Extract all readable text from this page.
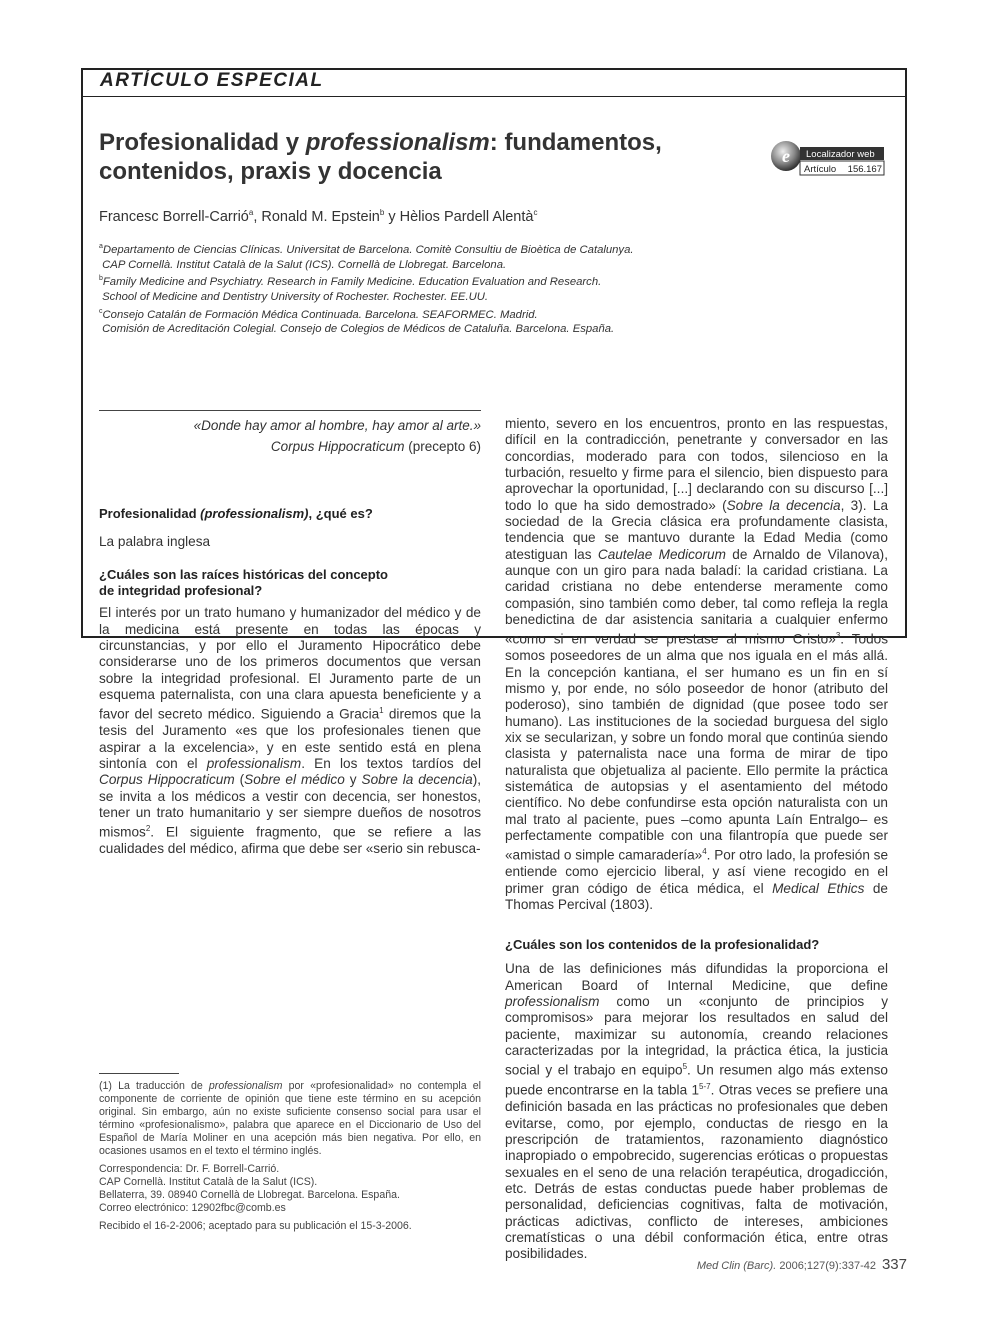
ARTÍCULO ESPECIAL
Profesionalidad y professionalism: fundamentos,
contenidos, praxis y docencia
e Localizador web
Artículo 156.167
Francesc Borrell-Carrió$^a$, Ronald M. Epstein$^b$ y Hèlios Pardell Alentà$^c$
$^a$Departamento de Ciencias Clínicas. Universitat de Barcelona. Comitè Consultiu de Bioètica de Catalunya.
CAP Cornellà. Institut Català de la Salut (ICS). Cornellà de Llobregat. Barcelona.
$^b$Family Medicine and Psychiatry. Research in Family Medicine. Education Evaluation and Research.
School of Medicine and Dentistry University of Rochester. Rochester. EE.UU.
$^c$Consejo Catalán de Formación Médica Continuada. Barcelona. SEAFORMEC. Madrid.
Comisión de Acreditación Colegial. Consejo de Colegios de Médicos de Cataluña. Barcelona. España.
«Donde hay amor al hombre, hay amor al arte.»
Corpus Hippocraticum (precepto 6)
Profesionalidad (professionalism), ¿qué es?

La palabra inglesa

¿Cuáles son las raíces históricas del concepto
de integridad profesional?

El interés por un trato humano y humanizador del médico y de la medicina está presente en todas las épocas y circunstancias, y por ello el Juramento Hipocrático debe considerarse uno de los primeros documentos que versan sobre la integridad profesional. El Juramento parte de un esquema paternalista, con una clara apuesta beneficiente y a favor del secreto médico. Siguiendo a Gracia$^1$ diremos que la tesis del Juramento «es que los profesionales tienen que aspirar a la excelencia», y en este sentido está en plena sintonía con el professionalism. En los textos tardíos del Corpus Hippocraticum (Sobre el médico y Sobre la decencia), se invita a los médicos a vestir con decencia, ser honestos, tener un trato humanitario y ser siempre dueños de nosotros mismos$^2$. El siguiente fragmento, que se refiere a las cualidades del médico, afirma que debe ser «serio sin rebusca-

(1) La traducción de professionalism por «profesionalidad» no contempla el componente de corriente de opinión que tiene este término en su acepción original. Sin embargo, aún no existe suficiente consenso social para usar el término «profesionalismo», palabra que aparece en el Diccionario de Uso del Español de María Moliner en una acepción más bien negativa. Por ello, en ocasiones usamos en el texto el término inglés.
Correspondencia: Dr. F. Borrell-Carrió.
CAP Cornellà. Institut Català de la Salut (ICS).
Bellaterra, 39. 08940 Cornellà de Llobregat. Barcelona. España.
Correo electrónico: 12902fbc@comb.es
Recibido el 16-2-2006; aceptado para su publicación el 15-3-2006.

miento, severo en los encuentros, pronto en las respuestas, difícil en la contradicción, penetrante y conversador en las concordias, moderado para con todos, silencioso en la turbación, resuelto y firme para el silencio, bien dispuesto para aprovechar la oportunidad, [...] declarando con su discurso [...] todo lo que ha sido demostrado» (Sobre la decencia, 3). La sociedad de la Grecia clásica era profundamente clasista, tendencia que se mantuvo durante la Edad Media (como atestiguan las Cautelae Medicorum de Arnaldo de Vilanova), aunque con un giro para nada baladí: la caridad cristiana. La caridad cristiana no debe entenderse meramente como compasión, sino también como deber, tal como refleja la regla benedictina de dar asistencia sanitaria a cualquier enfermo «como si en verdad se prestase al mismo Cristo»$^3$. Todos somos poseedores de un alma que nos iguala en el más allá. En la concepción kantiana, el ser humano es un fin en sí mismo y, por ende, no sólo poseedor de honor (atributo del poderoso), sino también de dignidad (que posee todo ser humano). Las instituciones de la sociedad burguesa del siglo xix se secularizan, y sobre un fondo moral que continúa siendo clasista y paternalista nace una forma de mirar de tipo naturalista que objetualiza al paciente. Ello permite la práctica sistemática de autopsias y el asentamiento del método científico. No debe confundirse esta opción naturalista con un mal trato al paciente, pues –como apunta Laín Entralgo– es perfectamente compatible con una filantropía que puede ser «amistad o simple camaradería»$^4$. Por otro lado, la profesión se entiende como ejercicio liberal, y así viene recogido en el primer gran código de ética médica, el Medical Ethics de Thomas Percival (1803).

¿Cuáles son los contenidos de la profesionalidad?

Una de las definiciones más difundidas la proporciona el American Board of Internal Medicine, que define professionalism como un «conjunto de principios y compromisos» para mejorar los resultados en salud del paciente, maximizar su autonomía, creando relaciones caracterizadas por la integridad, la práctica ética, la justicia social y el trabajo en equipo$^5$. Un resumen algo más extenso puede encontrarse en la tabla 1$^{5-7}$. Otras veces se prefiere una definición basada en las prácticas no profesionales que deben evitarse, como, por ejemplo, conductas de riesgo en la prescripción de tratamientos, razonamiento diagnóstico inapropiado o empobrecido, sugerencias eróticas o propuestas sexuales en el seno de una relación terapéutica, drogadicción, etc. Detrás de estas conductas puede haber problemas de personalidad, deficiencias cognitivas, falta de motivación, prácticas adictivas, conflicto de intereses, ambiciones crematísticas o una débil conformación ética, entre otras posibilidades.

Med Clin (Barc). 2006;127(9):337-42 337
